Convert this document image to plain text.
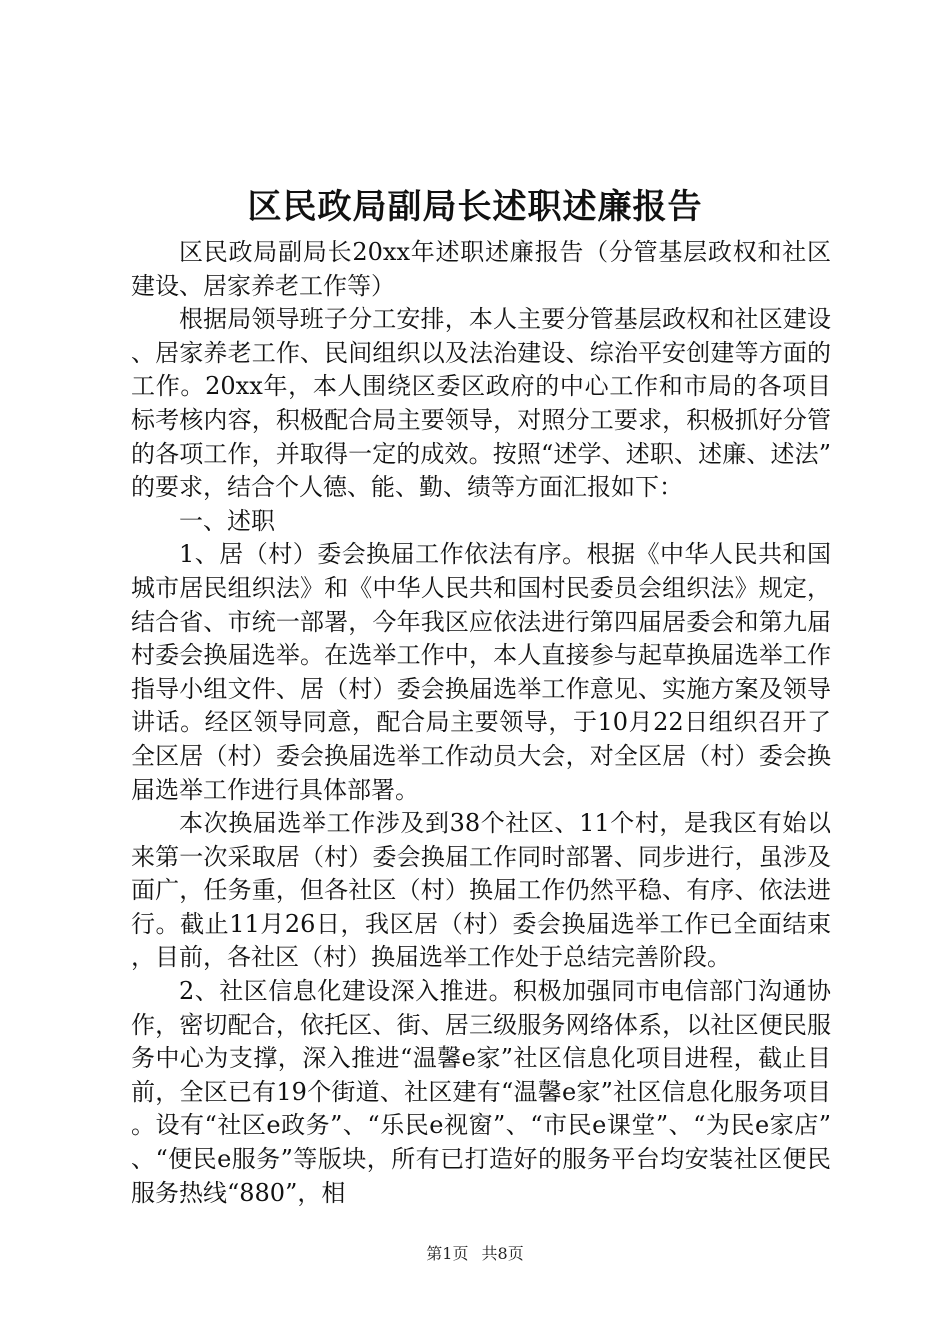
区民政局副局长述职述廉报告

区民政局副局长20xx年述职述廉报告（分管基层政权和社区建设、居家养老工作等）

根据局领导班子分工安排，本人主要分管基层政权和社区建设、居家养老工作、民间组织以及法治建设、综治平安创建等方面的工作。20xx年，本人围绕区委区政府的中心工作和市局的各项目标考核内容，积极配合局主要领导，对照分工要求，积极抓好分管的各项工作，并取得一定的成效。按照“述学、述职、述廉、述法”的要求，结合个人德、能、勤、绩等方面汇报如下：

一、述职

1、居（村）委会换届工作依法有序。根据《中华人民共和国城市居民组织法》和《中华人民共和国村民委员会组织法》规定，结合省、市统一部署，今年我区应依法进行第四届居委会和第九届村委会换届选举。在选举工作中，本人直接参与起草换届选举工作指导小组文件、居（村）委会换届选举工作意见、实施方案及领导讲话。经区领导同意，配合局主要领导，于10月22日组织召开了全区居（村）委会换届选举工作动员大会，对全区居（村）委会换届选举工作进行具体部署。

本次换届选举工作涉及到38个社区、11个村，是我区有始以来第一次采取居（村）委会换届工作同时部署、同步进行，虽涉及面广，任务重，但各社区（村）换届工作仍然平稳、有序、依法进行。截止11月26日，我区居（村）委会换届选举工作已全面结束，目前，各社区（村）换届选举工作处于总结完善阶段。

2、社区信息化建设深入推进。积极加强同市电信部门沟通协作，密切配合，依托区、街、居三级服务网络体系，以社区便民服务中心为支撑，深入推进“温馨e家”社区信息化项目进程，截止目前，全区已有19个街道、社区建有“温馨e家”社区信息化服务项目。设有“社区e政务”、“乐民e视窗”、“市民e课堂”、“为民e家店”、“便民e服务”等版块，所有已打造好的服务平台均安装社区便民服务热线“880”，相

第1页 共8页
